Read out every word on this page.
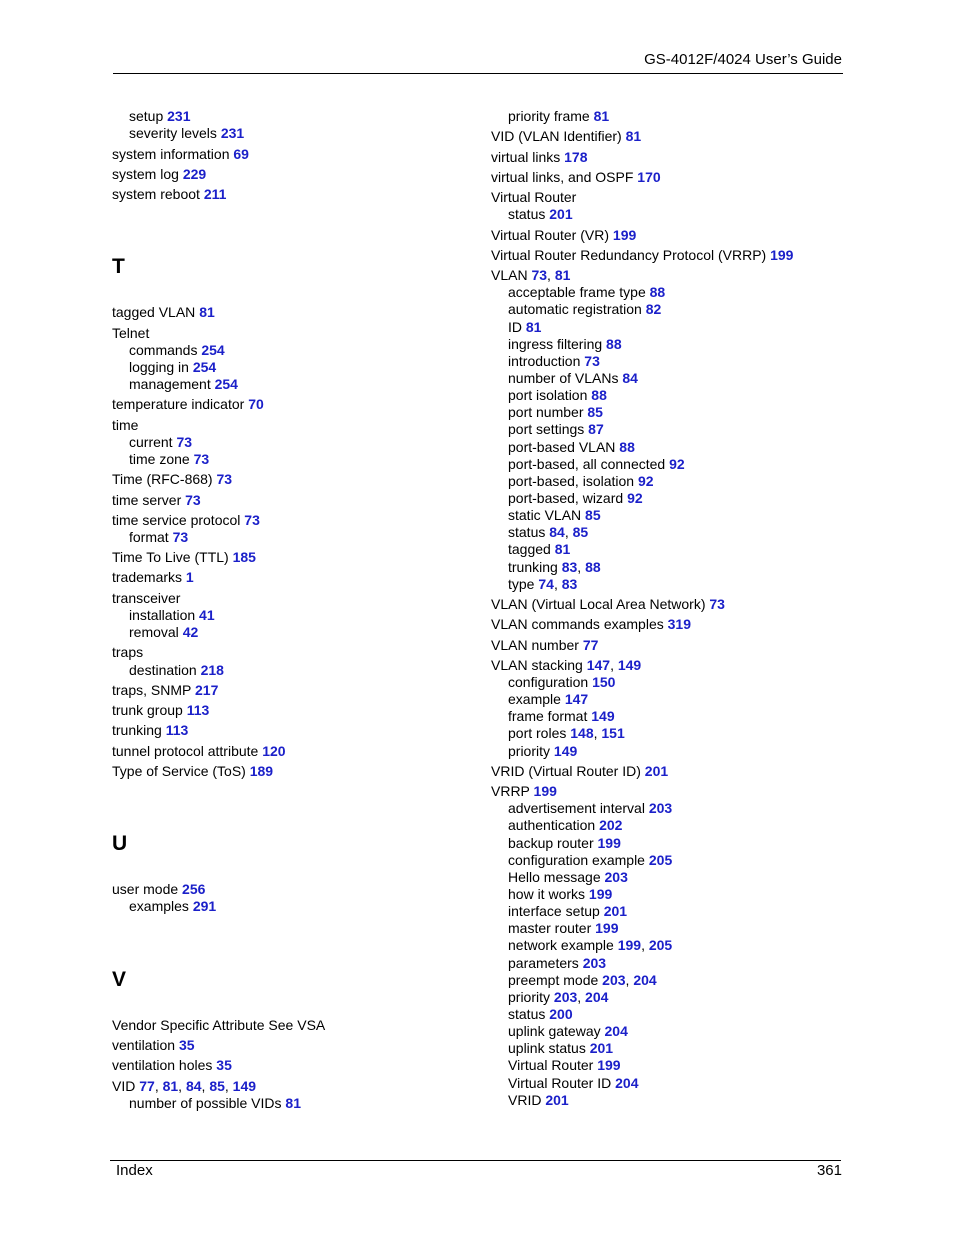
GS-4012F/4024 User’s Guide
setup 231
severity levels 231
system information 69
system log 229
system reboot 211
T
tagged VLAN 81
Telnet
commands 254
logging in 254
management 254
temperature indicator 70
time
current 73
time zone 73
Time (RFC-868) 73
time server 73
time service protocol 73
format 73
Time To Live (TTL) 185
trademarks 1
transceiver
installation 41
removal 42
traps
destination 218
traps, SNMP 217
trunk group 113
trunking 113
tunnel protocol attribute 120
Type of Service (ToS) 189
U
user mode 256
examples 291
V
Vendor Specific Attribute See VSA
ventilation 35
ventilation holes 35
VID 77, 81, 84, 85, 149
number of possible VIDs 81
priority frame 81
VID (VLAN Identifier) 81
virtual links 178
virtual links, and OSPF 170
Virtual Router
status 201
Virtual Router (VR) 199
Virtual Router Redundancy Protocol (VRRP) 199
VLAN 73, 81
acceptable frame type 88
automatic registration 82
ID 81
ingress filtering 88
introduction 73
number of VLANs 84
port isolation 88
port number 85
port settings 87
port-based VLAN 88
port-based, all connected 92
port-based, isolation 92
port-based, wizard 92
static VLAN 85
status 84, 85
tagged 81
trunking 83, 88
type 74, 83
VLAN (Virtual Local Area Network) 73
VLAN commands examples 319
VLAN number 77
VLAN stacking 147, 149
configuration 150
example 147
frame format 149
port roles 148, 151
priority 149
VRID (Virtual Router ID) 201
VRRP 199
advertisement interval 203
authentication 202
backup router 199
configuration example 205
Hello message 203
how it works 199
interface setup 201
master router 199
network example 199, 205
parameters 203
preempt mode 203, 204
priority 203, 204
status 200
uplink gateway 204
uplink status 201
Virtual Router 199
Virtual Router ID 204
VRID 201
Index	361
